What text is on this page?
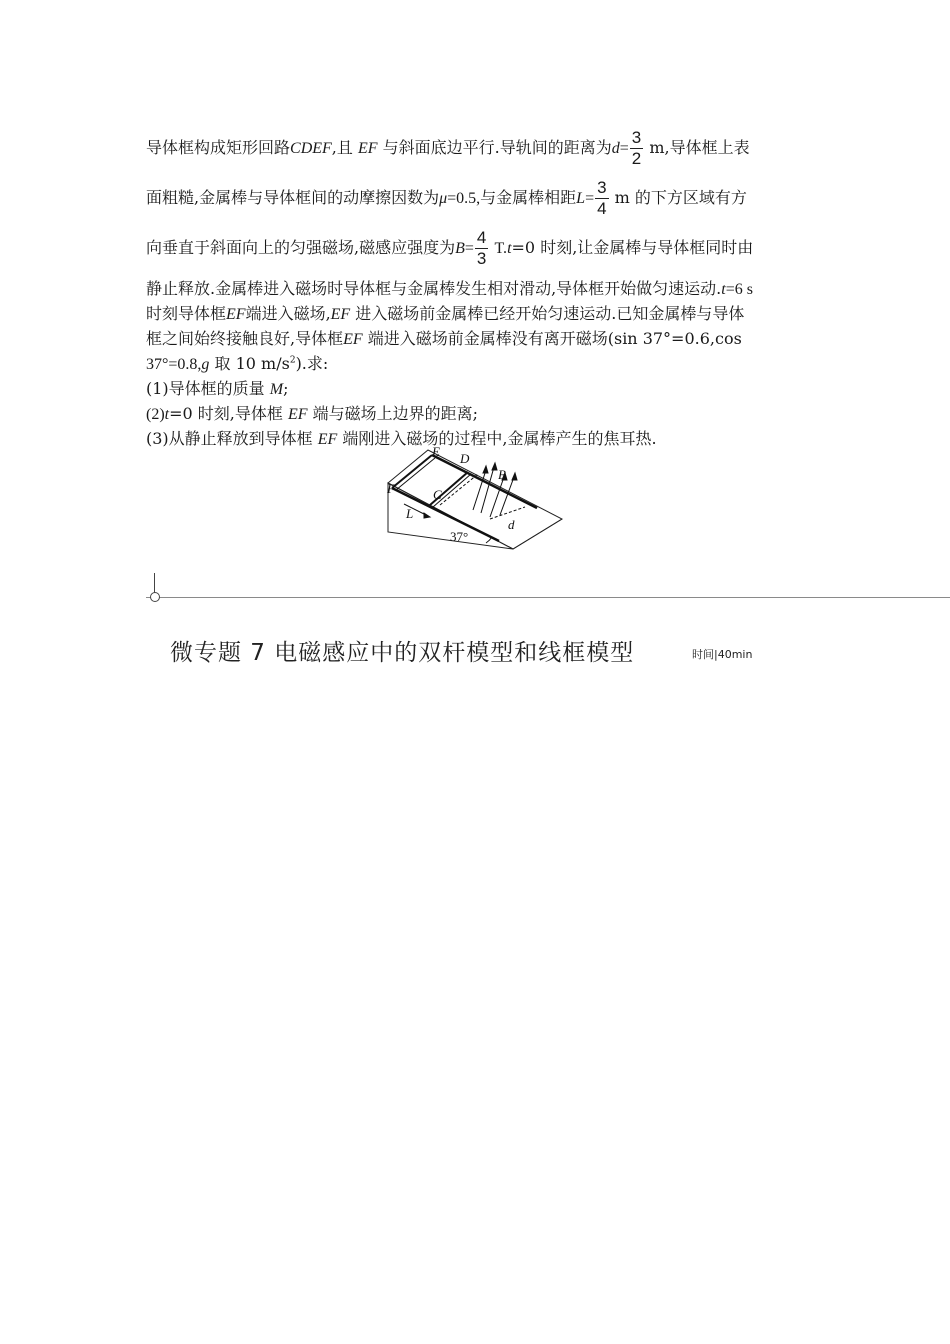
导体框构成矩形回路CDEF,且 EF 与斜面底边平行.导轨间的距离为$d= \frac{3}{2} m$,导体框上表
面粗糙,金属棒与导体框间的动摩擦因数为μ=0.5,与金属棒相距$L= \frac{3}{4}$ m 的下方区域有方
向垂直于斜面向上的匀强磁场,磁感应强度为$B= \frac{4}{3} T.t=0$ 时刻,让金属棒与导体框同时由
静止释放.金属棒进入磁场时导体框与金属棒发生相对滑动,导体框开始做匀速运动.t=6 s
时刻导体框EF端进入磁场,EF 进入磁场前金属棒已经开始匀速运动.已知金属棒与导体
框之间始终接触良好,导体框EF 端进入磁场前金属棒没有离开磁场(sin 37°=0.6,cos
37°=0.8,g 取 10 $m/s^2$).求:
(1)导体框的质量 M;
(2)t=0 时刻,导体框 EF 端与磁场上边界的距离;
(3)从静止释放到导体框 EF 端刚进入磁场的过程中,金属棒产生的焦耳热.
E D
B
F	C
L
d
37°
微专题 7 电磁感应中的双杆模型和线框模型	时间|40min
